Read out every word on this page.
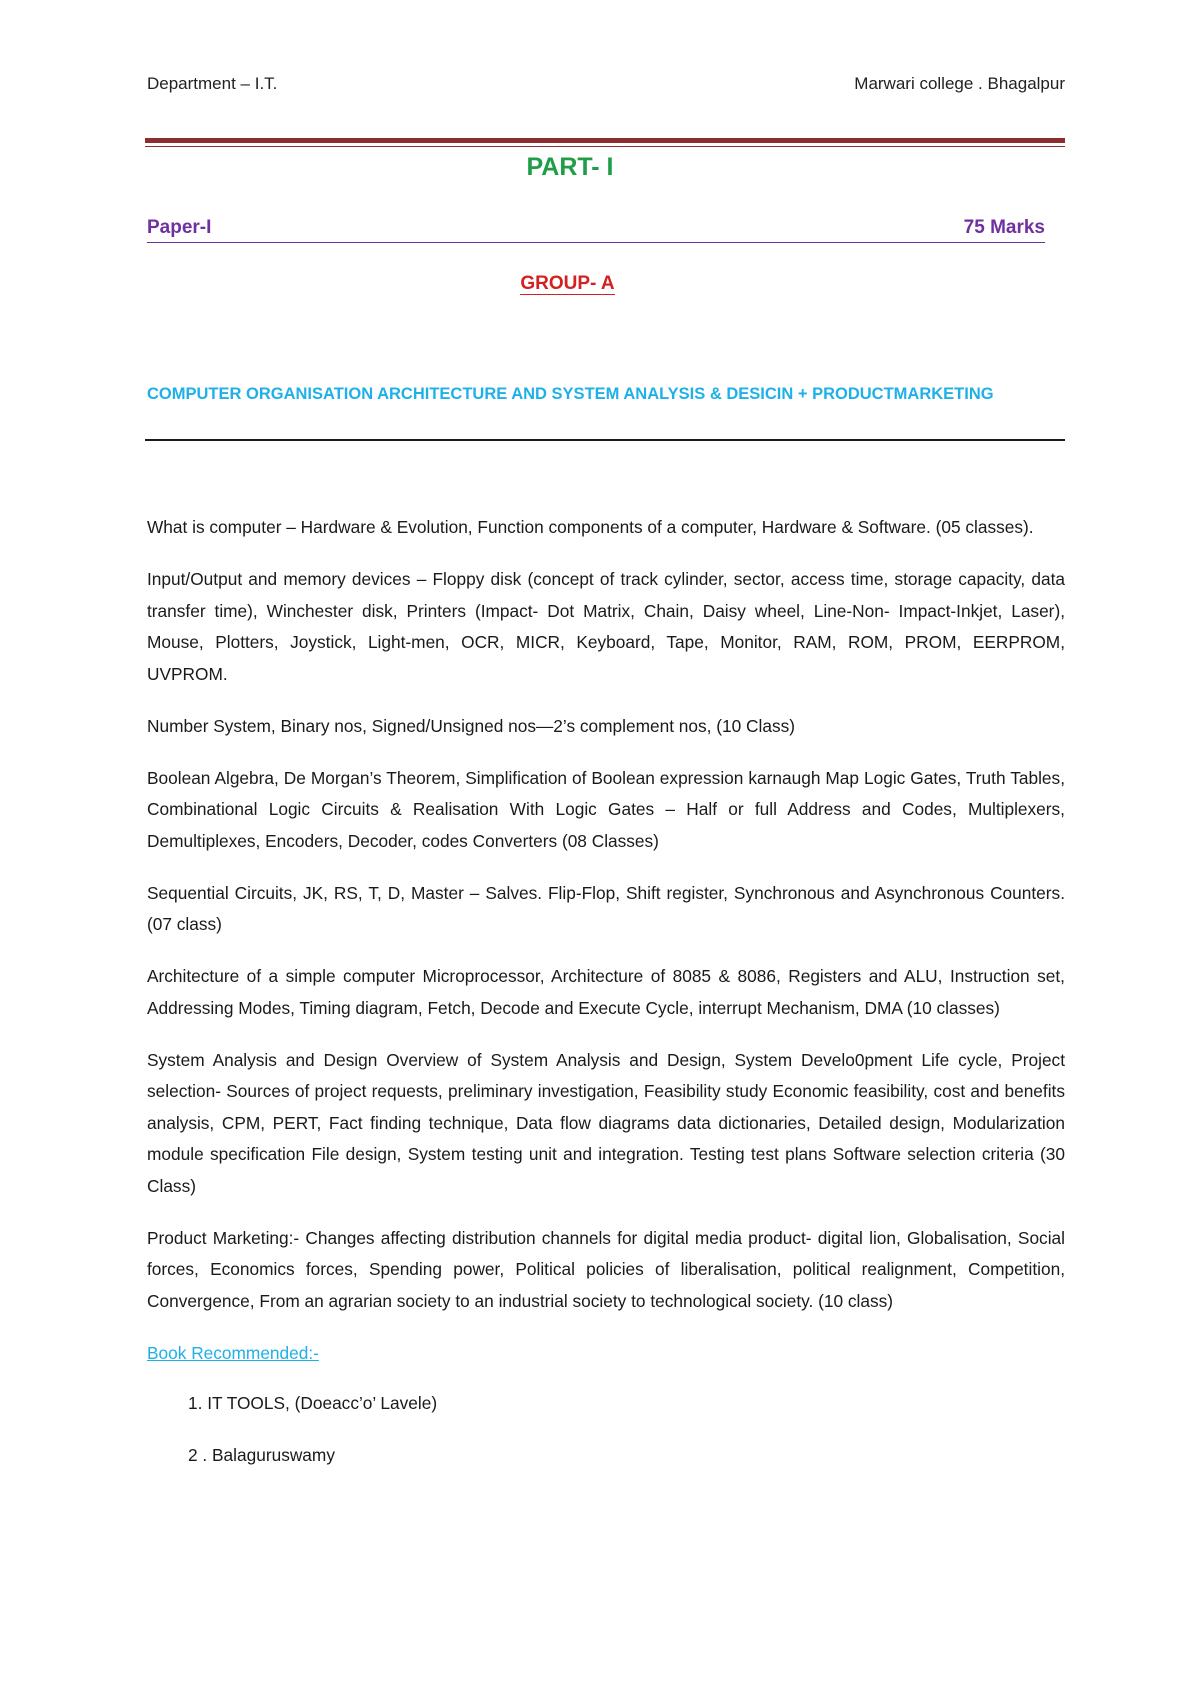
Department – I.T.	Marwari college . Bhagalpur
PART- I
Paper-I	75 Marks
GROUP- A
COMPUTER ORGANISATION ARCHITECTURE AND SYSTEM ANALYSIS & DESICIN + PRODUCTMARKETING

What is computer – Hardware & Evolution, Function components of a computer, Hardware & Software. (05 classes).

Input/Output and memory devices – Floppy disk (concept of track cylinder, sector, access time, storage capacity, data transfer time), Winchester disk, Printers (Impact- Dot Matrix, Chain, Daisy wheel, Line-Non- Impact-Inkjet, Laser), Mouse, Plotters, Joystick, Light-men, OCR, MICR, Keyboard, Tape, Monitor, RAM, ROM, PROM, EERPROM, UVPROM.

Number System, Binary nos, Signed/Unsigned nos—2’s complement nos, (10 Class)

Boolean Algebra, De Morgan’s Theorem, Simplification of Boolean expression karnaugh Map Logic Gates, Truth Tables, Combinational Logic Circuits & Realisation With Logic Gates – Half or full Address and Codes, Multiplexers, Demultiplexes, Encoders, Decoder, codes Converters (08 Classes)

Sequential Circuits, JK, RS, T, D, Master – Salves. Flip-Flop, Shift register, Synchronous and Asynchronous Counters. (07 class)

Architecture of a simple computer Microprocessor, Architecture of 8085 & 8086, Registers and ALU, Instruction set, Addressing Modes, Timing diagram, Fetch, Decode and Execute Cycle, interrupt Mechanism, DMA (10 classes)

System Analysis and Design Overview of System Analysis and Design, System Develo0pment Life cycle, Project selection- Sources of project requests, preliminary investigation, Feasibility study Economic feasibility, cost and benefits analysis, CPM, PERT, Fact finding technique, Data flow diagrams data dictionaries, Detailed design, Modularization module specification File design, System testing unit and integration. Testing test plans Software selection criteria (30 Class)

Product Marketing:- Changes affecting distribution channels for digital media product- digital lion, Globalisation, Social forces, Economics forces, Spending power, Political policies of liberalisation, political realignment, Competition, Convergence, From an agrarian society to an industrial society to technological society. (10 class)

Book Recommended:-
1. IT TOOLS, (Doeacc’o’ Lavele)
2 . Balaguruswamy
